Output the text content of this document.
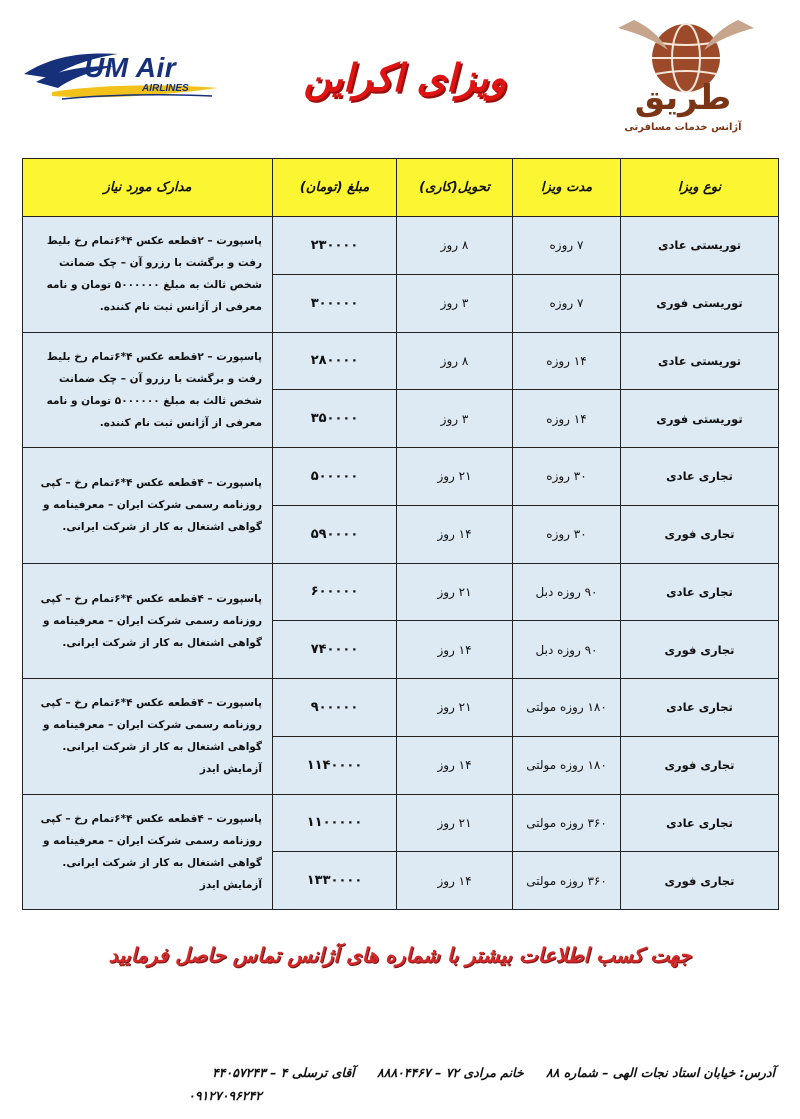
UM Air
AIRLINES	ویزای اکراین	طریق
آژانس خدمات مسافرتی
نوع ویزا	مدت ویزا	تحویل(کاری)	مبلغ (تومان)	مدارک مورد نیاز
توریستی عادی	۷ روزه	۸ روز	۲۳۰۰۰۰	پاسپورت – ۲قطعه عکس ۴*۶تمام رخ بلیط رفت و برگشت با رزرو آن – چک ضمانت شخص ثالث به مبلغ ۵۰۰۰۰۰۰ تومان و نامه معرفی از آژانس ثبت نام کننده.
توریستی فوری	۷ روزه	۳ روز	۳۰۰۰۰۰	
توریستی عادی	۱۴ روزه	۸ روز	۲۸۰۰۰۰	پاسپورت – ۲قطعه عکس ۴*۶تمام رخ بلیط رفت و برگشت با رزرو آن – چک ضمانت شخص ثالث به مبلغ ۵۰۰۰۰۰۰ تومان و نامه معرفی از آژانس ثبت نام کننده.
توریستی فوری	۱۴ روزه	۳ روز	۳۵۰۰۰۰	
تجاری عادی	۳۰ روزه	۲۱ روز	۵۰۰۰۰۰	پاسپورت – ۴قطعه عکس ۴*۶تمام رخ – کپی روزنامه رسمی شرکت ایران – معرفینامه و گواهی اشتغال به کار از شرکت ایرانی.
تجاری فوری	۳۰ روزه	۱۴ روز	۵۹۰۰۰۰	
تجاری عادی	۹۰ روزه دبل	۲۱ روز	۶۰۰۰۰۰	پاسپورت – ۴قطعه عکس ۴*۶تمام رخ – کپی روزنامه رسمی شرکت ایران – معرفینامه و گواهی اشتغال به کار از شرکت ایرانی.
تجاری فوری	۹۰ روزه دبل	۱۴ روز	۷۴۰۰۰۰	
تجاری عادی	۱۸۰ روزه مولتی	۲۱ روز	۹۰۰۰۰۰	پاسپورت – ۴قطعه عکس ۴*۶تمام رخ – کپی روزنامه رسمی شرکت ایران – معرفینامه و گواهی اشتغال به کار از شرکت ایرانی. آزمایش ایدز
تجاری فوری	۱۸۰ روزه مولتی	۱۴ روز	۱۱۴۰۰۰۰	
تجاری عادی	۳۶۰ روزه مولتی	۲۱ روز	۱۱۰۰۰۰۰	پاسپورت – ۴قطعه عکس ۴*۶تمام رخ – کپی روزنامه رسمی شرکت ایران – معرفینامه و گواهی اشتغال به کار از شرکت ایرانی. آزمایش ایدز
تجاری فوری	۳۶۰ روزه مولتی	۱۴ روز	۱۳۳۰۰۰۰	
جهت کسب اطلاعات بیشتر با شماره های آژانس تماس حاصل فرمایید
آدرس: خیابان استاد نجات الهی – شماره ۸۸ خانم مرادی ۷۲ – ۸۸۸۰۴۴۶۷ آقای ترسلی ۴ – ۴۴۰۵۷۲۴۳
۰۹۱۲۷۰۹۶۲۴۲
